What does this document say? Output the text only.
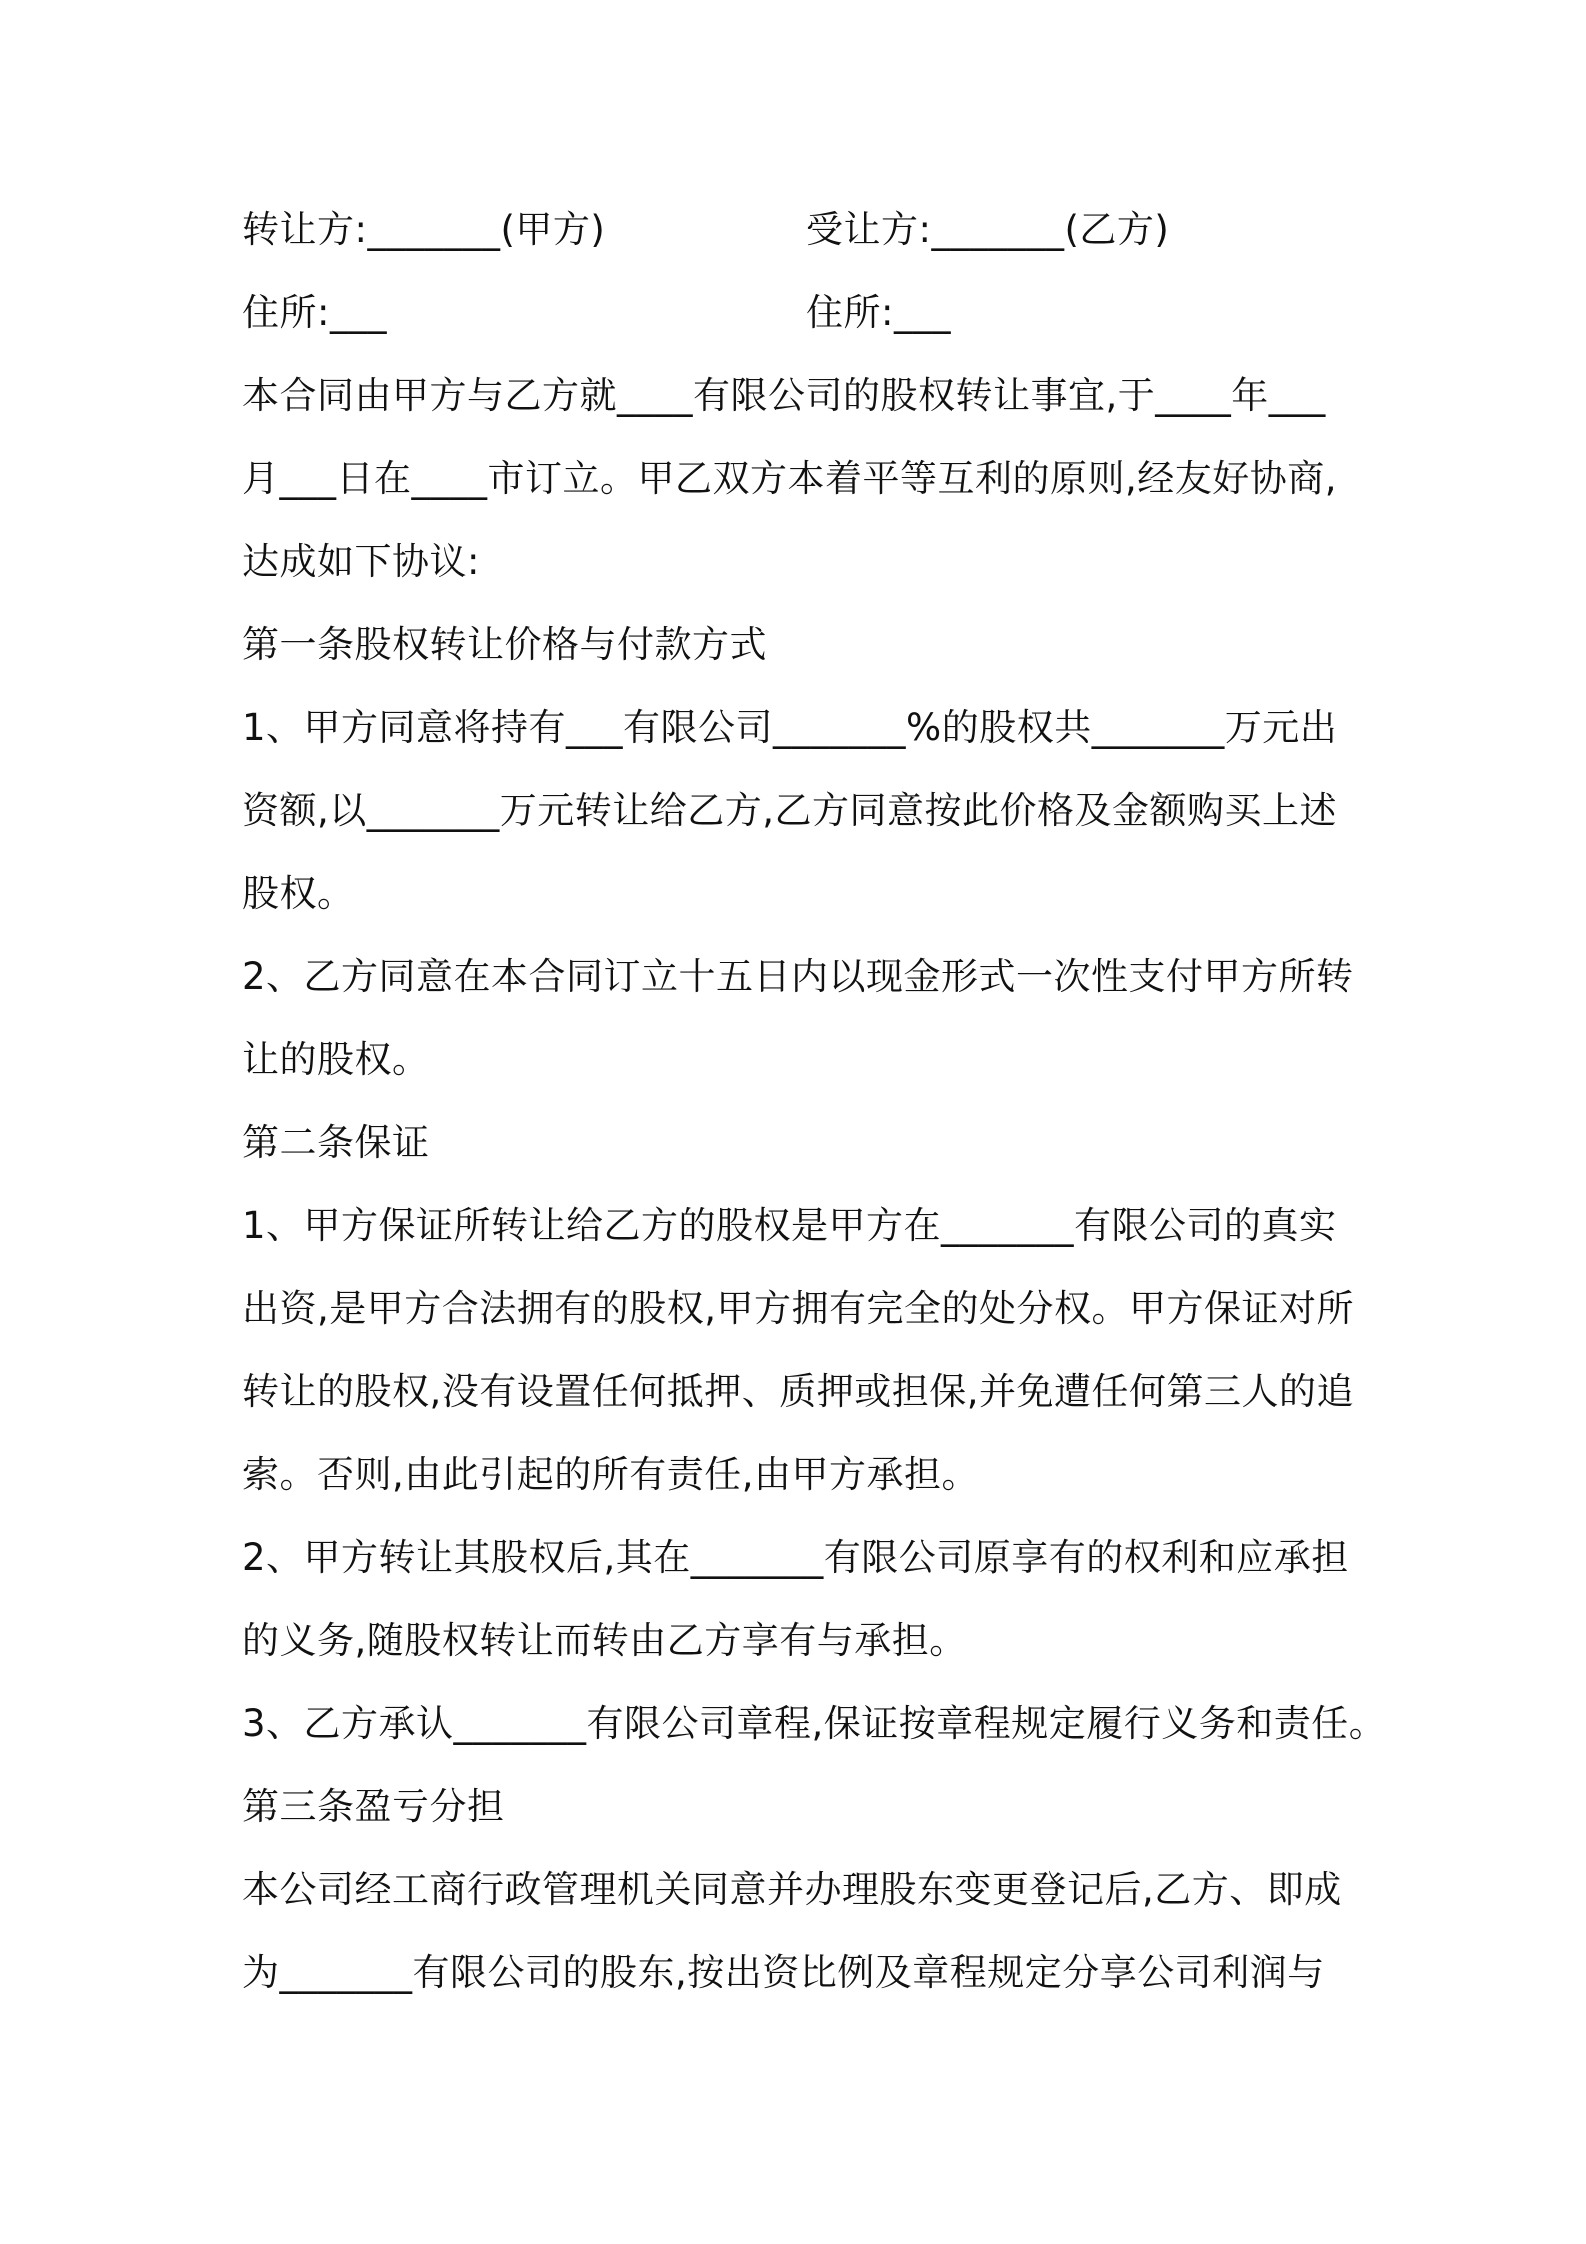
转让方:_______(甲方)	受让方:_______(乙方)
住所:___	住所:___
本合同由甲方与乙方就____有限公司的股权转让事宜,于____年___
月___日在____市订立。甲乙双方本着平等互利的原则,经友好协商,
达成如下协议:
第一条股权转让价格与付款方式
1、甲方同意将持有___有限公司_______%的股权共_______万元出
资额,以_______万元转让给乙方,乙方同意按此价格及金额购买上述
股权。
2、乙方同意在本合同订立十五日内以现金形式一次性支付甲方所转
让的股权。
第二条保证
1、甲方保证所转让给乙方的股权是甲方在_______有限公司的真实
出资,是甲方合法拥有的股权,甲方拥有完全的处分权。甲方保证对所
转让的股权,没有设置任何抵押、质押或担保,并免遭任何第三人的追
索。否则,由此引起的所有责任,由甲方承担。
2、甲方转让其股权后,其在_______有限公司原享有的权利和应承担
的义务,随股权转让而转由乙方享有与承担。
3、乙方承认_______有限公司章程,保证按章程规定履行义务和责任。
第三条盈亏分担
本公司经工商行政管理机关同意并办理股东变更登记后,乙方、即成
为_______有限公司的股东,按出资比例及章程规定分享公司利润与
